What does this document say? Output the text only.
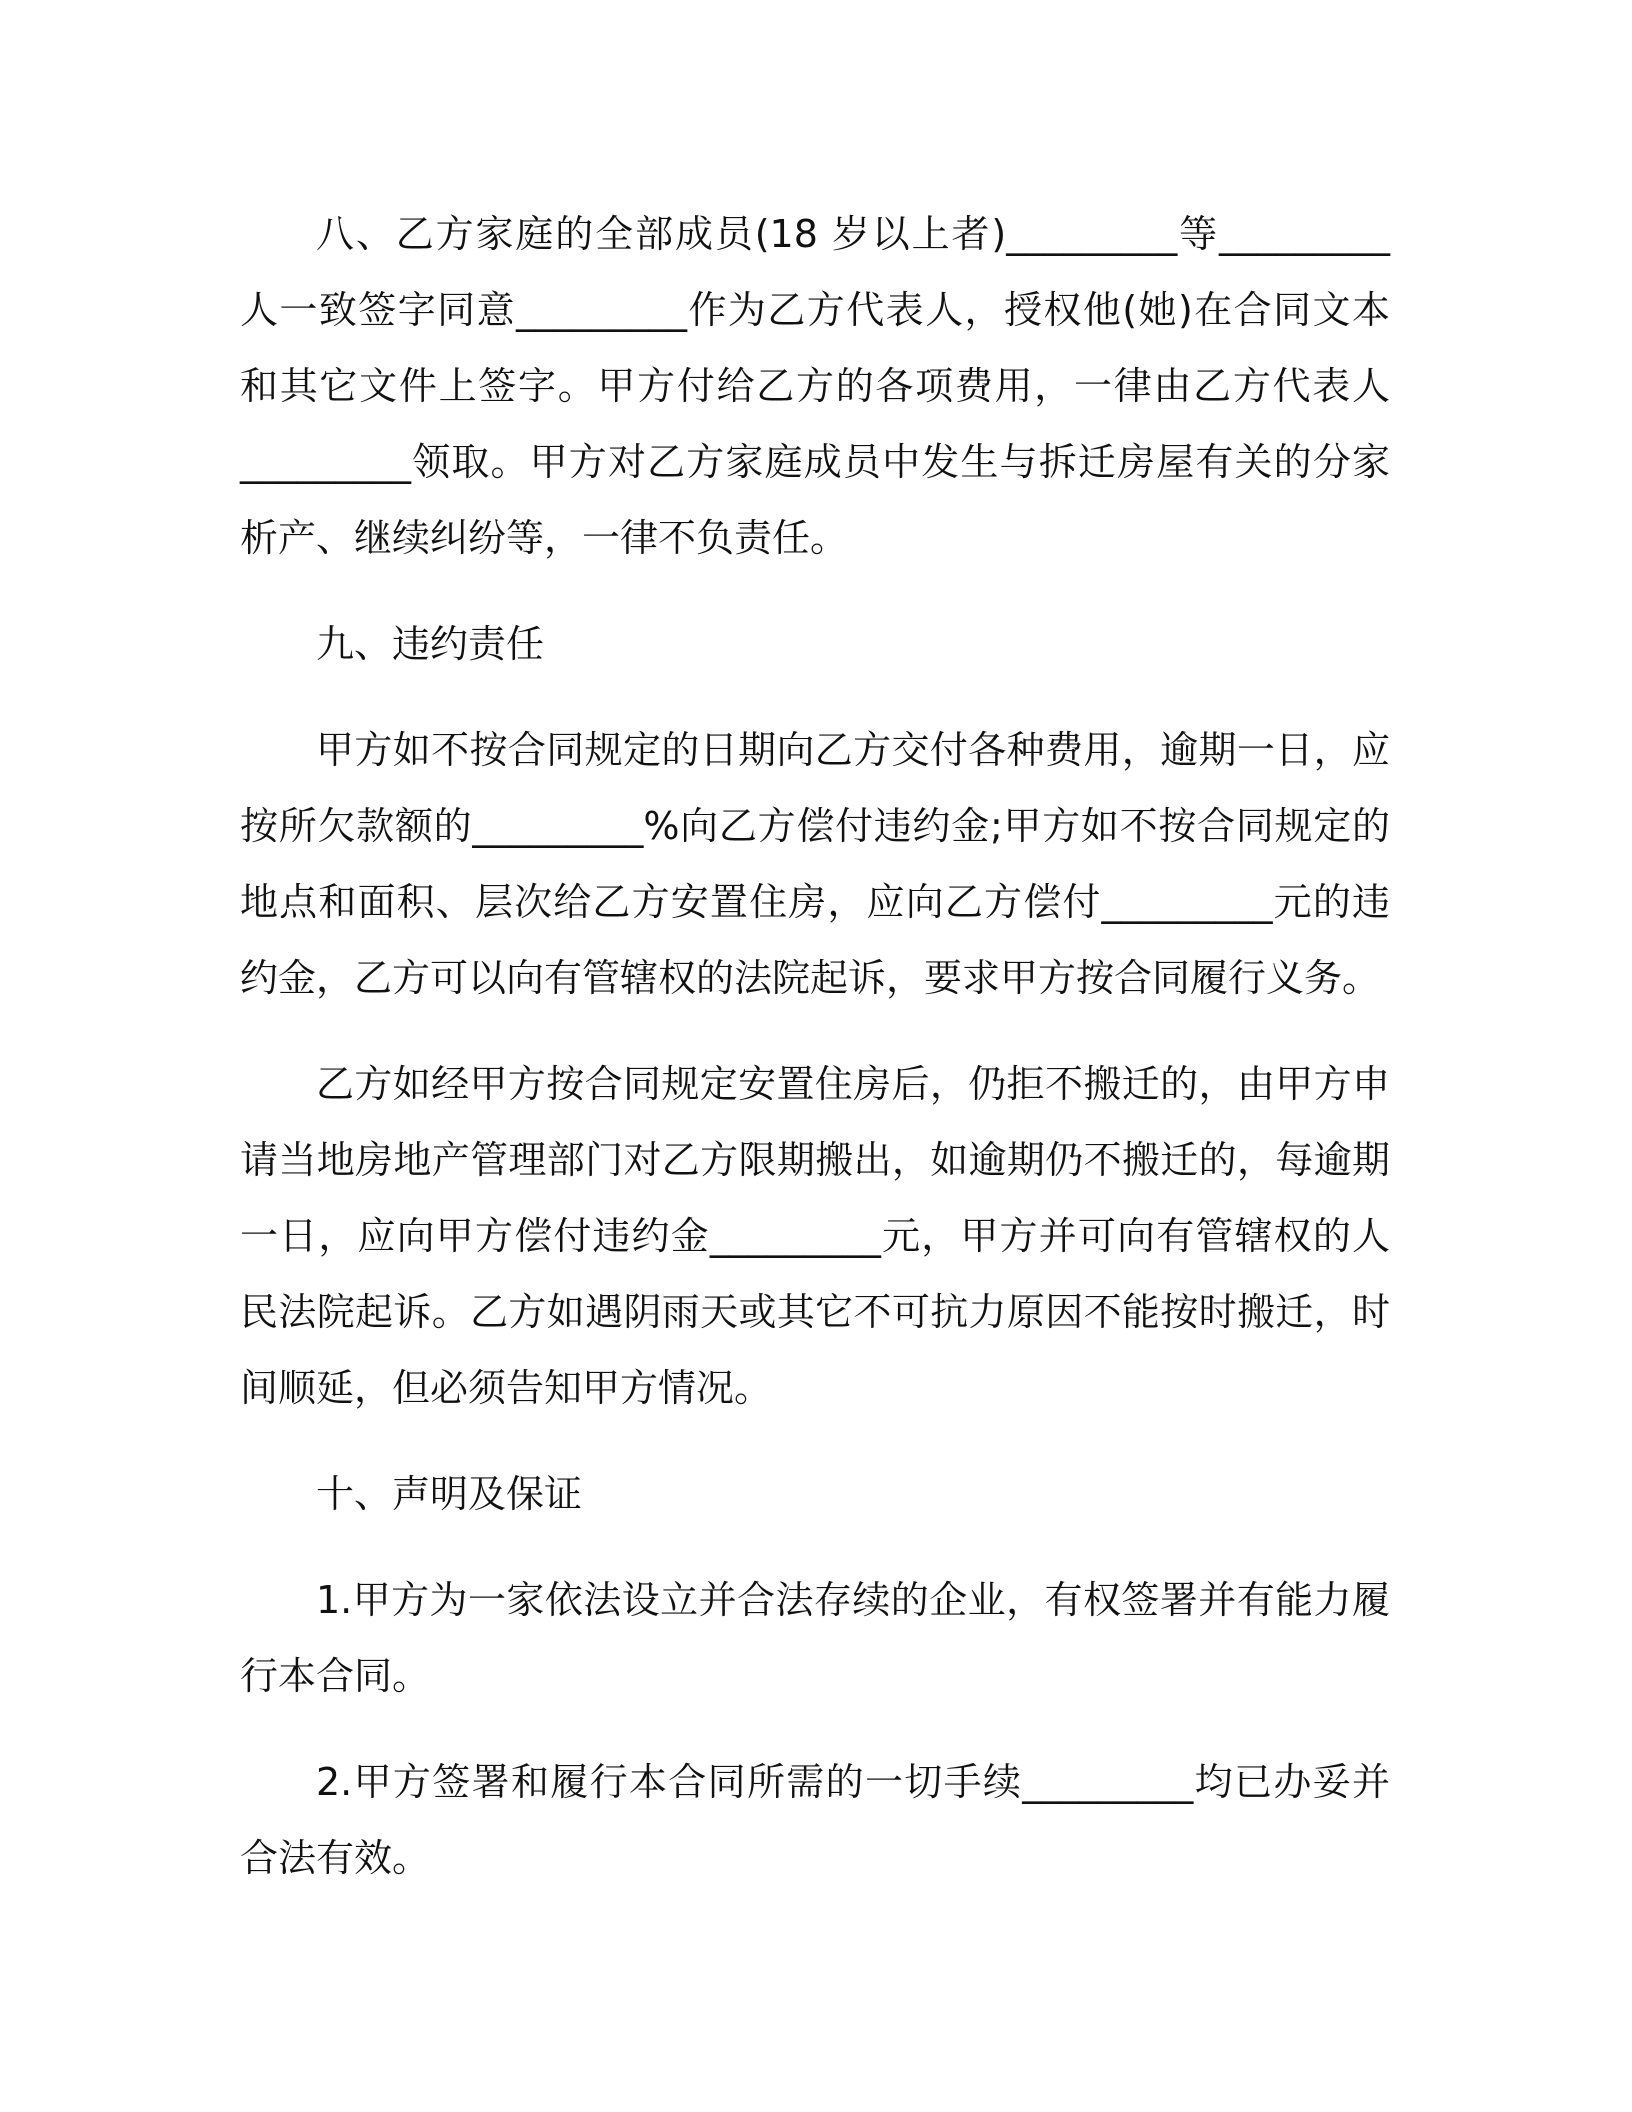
八、乙方家庭的全部成员(18 岁以上者)_________等_________人一致签字同意_________作为乙方代表人，授权他(她)在合同文本和其它文件上签字。甲方付给乙方的各项费用，一律由乙方代表人_________领取。甲方对乙方家庭成员中发生与拆迁房屋有关的分家析产、继续纠纷等，一律不负责任。

九、违约责任

甲方如不按合同规定的日期向乙方交付各种费用，逾期一日，应按所欠款额的_________%向乙方偿付违约金;甲方如不按合同规定的地点和面积、层次给乙方安置住房，应向乙方偿付_________元的违约金，乙方可以向有管辖权的法院起诉，要求甲方按合同履行义务。

乙方如经甲方按合同规定安置住房后，仍拒不搬迁的，由甲方申请当地房地产管理部门对乙方限期搬出，如逾期仍不搬迁的，每逾期一日，应向甲方偿付违约金_________元，甲方并可向有管辖权的人民法院起诉。乙方如遇阴雨天或其它不可抗力原因不能按时搬迁，时间顺延，但必须告知甲方情况。

十、声明及保证

1.甲方为一家依法设立并合法存续的企业，有权签署并有能力履行本合同。

2.甲方签署和履行本合同所需的一切手续_________均已办妥并合法有效。
